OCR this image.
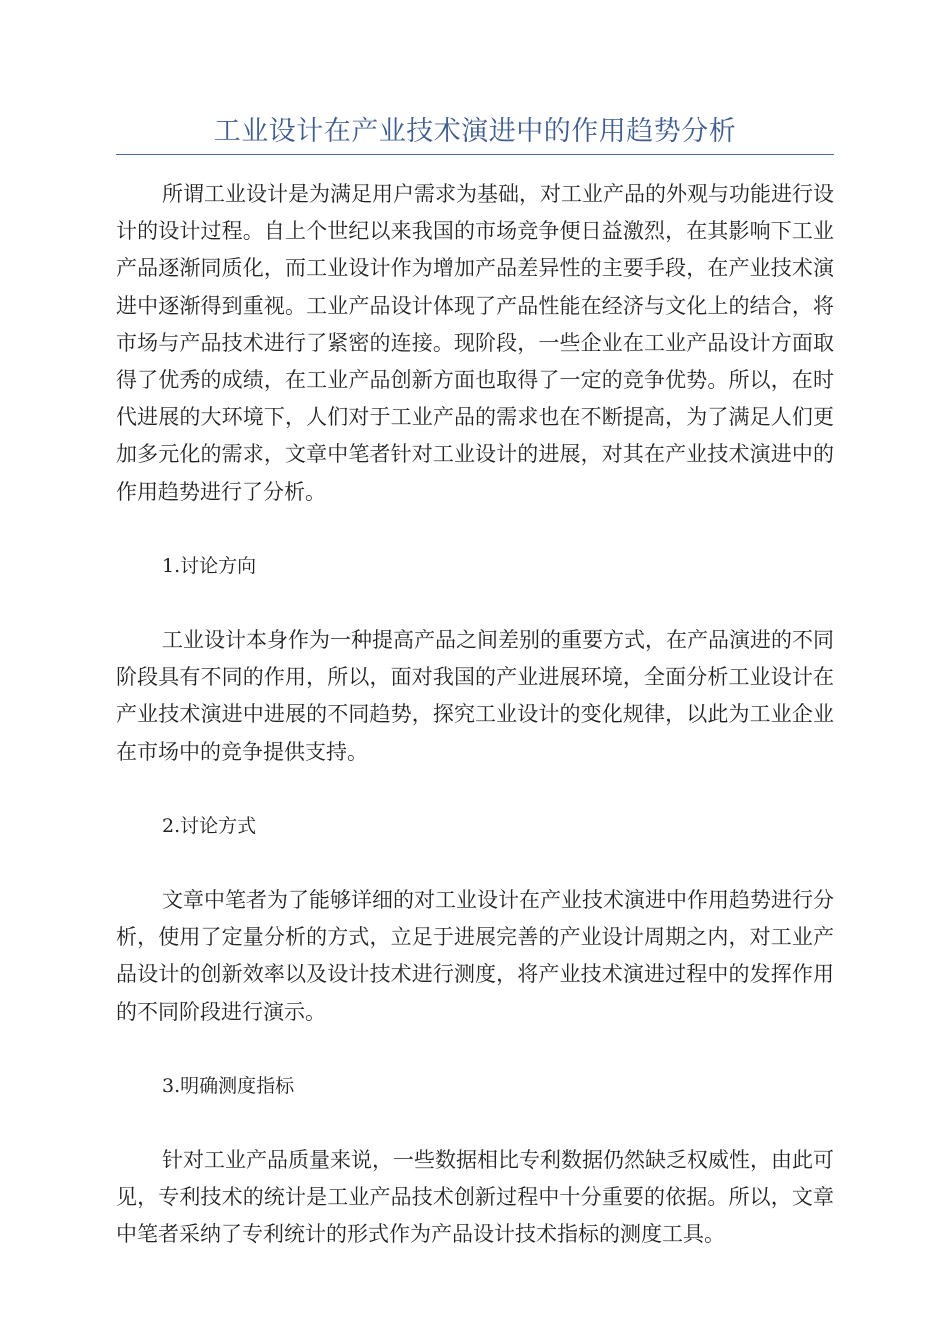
工业设计在产业技术演进中的作用趋势分析

所谓工业设计是为满足用户需求为基础，对工业产品的外观与功能进行设计的设计过程。自上个世纪以来我国的市场竞争便日益激烈，在其影响下工业产品逐渐同质化，而工业设计作为增加产品差异性的主要手段，在产业技术演进中逐渐得到重视。工业产品设计体现了产品性能在经济与文化上的结合，将市场与产品技术进行了紧密的连接。现阶段，一些企业在工业产品设计方面取得了优秀的成绩，在工业产品创新方面也取得了一定的竞争优势。所以，在时代进展的大环境下，人们对于工业产品的需求也在不断提高，为了满足人们更加多元化的需求，文章中笔者针对工业设计的进展，对其在产业技术演进中的作用趋势进行了分析。

1.讨论方向

工业设计本身作为一种提高产品之间差别的重要方式，在产品演进的不同阶段具有不同的作用，所以，面对我国的产业进展环境，全面分析工业设计在产业技术演进中进展的不同趋势，探究工业设计的变化规律，以此为工业企业在市场中的竞争提供支持。

2.讨论方式

文章中笔者为了能够详细的对工业设计在产业技术演进中作用趋势进行分析，使用了定量分析的方式，立足于进展完善的产业设计周期之内，对工业产品设计的创新效率以及设计技术进行测度，将产业技术演进过程中的发挥作用的不同阶段进行演示。

3.明确测度指标

针对工业产品质量来说，一些数据相比专利数据仍然缺乏权威性，由此可见，专利技术的统计是工业产品技术创新过程中十分重要的依据。所以，文章中笔者采纳了专利统计的形式作为产品设计技术指标的测度工具。
